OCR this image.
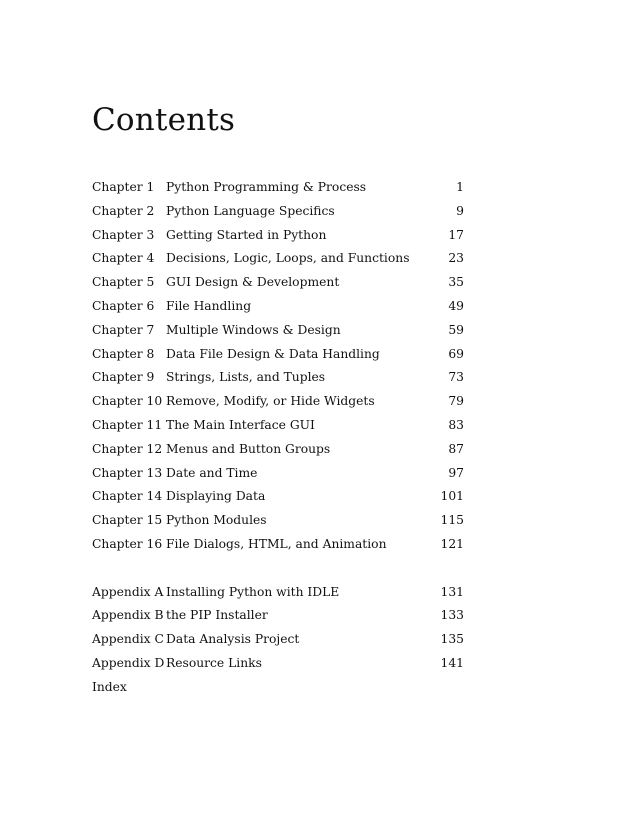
Contents
Chapter 1 Python Programming & Process	1
Chapter 2 Python Language Specifics	9
Chapter 3 Getting Started in Python	17
Chapter 4 Decisions, Logic, Loops, and Functions	23
Chapter 5 GUI Design & Development	35
Chapter 6 File Handling	49
Chapter 7 Multiple Windows & Design	59
Chapter 8 Data File Design & Data Handling	69
Chapter 9 Strings, Lists, and Tuples	73
Chapter 10 Remove, Modify, or Hide Widgets	79
Chapter 11 The Main Interface GUI	83
Chapter 12 Menus and Button Groups	87
Chapter 13 Date and Time	97
Chapter 14 Displaying Data	101
Chapter 15 Python Modules	115
Chapter 16 File Dialogs, HTML, and Animation	121
Appendix A Installing Python with IDLE	131
Appendix B the PIP Installer	133
Appendix C Data Analysis Project	135
Appendix D Resource Links	141
Index
